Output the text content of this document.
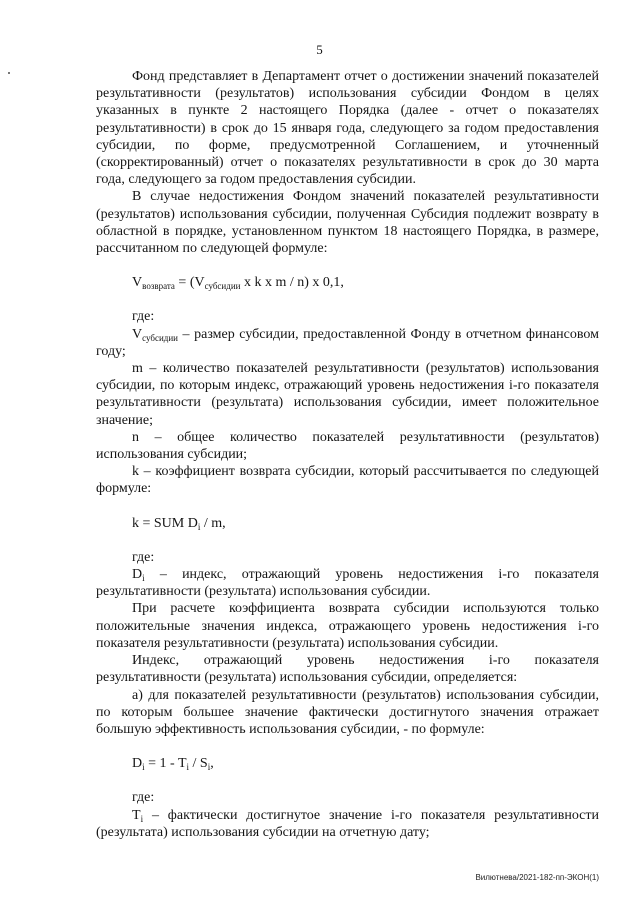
5

Фонд представляет в Департамент отчет о достижении значений показателей результативности (результатов) использования субсидии Фондом в целях указанных в пункте 2 настоящего Порядка (далее - отчет о показателях результативности) в срок до 15 января года, следующего за годом предоставления субсидии, по форме, предусмотренной Соглашением, и уточненный (скорректированный) отчет о показателях результативности в срок до 30 марта года, следующего за годом предоставления субсидии.

В случае недостижения Фондом значений показателей результативности (результатов) использования субсидии, полученная Субсидия подлежит возврату в областной в порядке, установленном пунктом 18 настоящего Порядка, в размере, рассчитанном по следующей формуле:

$V_{возврата} = (V_{субсидии}$ x k x m / n) x 0,1,

где:

$V_{субсидии}$ – размер субсидии, предоставленной Фонду в отчетном финансовом году;

m – количество показателей результативности (результатов) использования субсидии, по которым индекс, отражающий уровень недостижения i-го показателя результативности (результата) использования субсидии, имеет положительное значение;

n – общее количество показателей результативности (результатов) использования субсидии;

k – коэффициент возврата субсидии, который рассчитывается по следующей формуле:

k = SUM $D_i$ / m,

где:

$D_i$ – индекс, отражающий уровень недостижения i-го показателя результативности (результата) использования субсидии.

При расчете коэффициента возврата субсидии используются только положительные значения индекса, отражающего уровень недостижения i-го показателя результативности (результата) использования субсидии.

Индекс, отражающий уровень недостижения i-го показателя результативности (результата) использования субсидии, определяется:

а) для показателей результативности (результатов) использования субсидии, по которым большее значение фактически достигнутого значения отражает большую эффективность использования субсидии, - по формуле:

$D_i = 1 - T_i / S_i$,

где:

$T_i$ – фактически достигнутое значение i-го показателя результативности (результата) использования субсидии на отчетную дату;

Вилютнева/2021-182-пп-ЭКОН(1)
